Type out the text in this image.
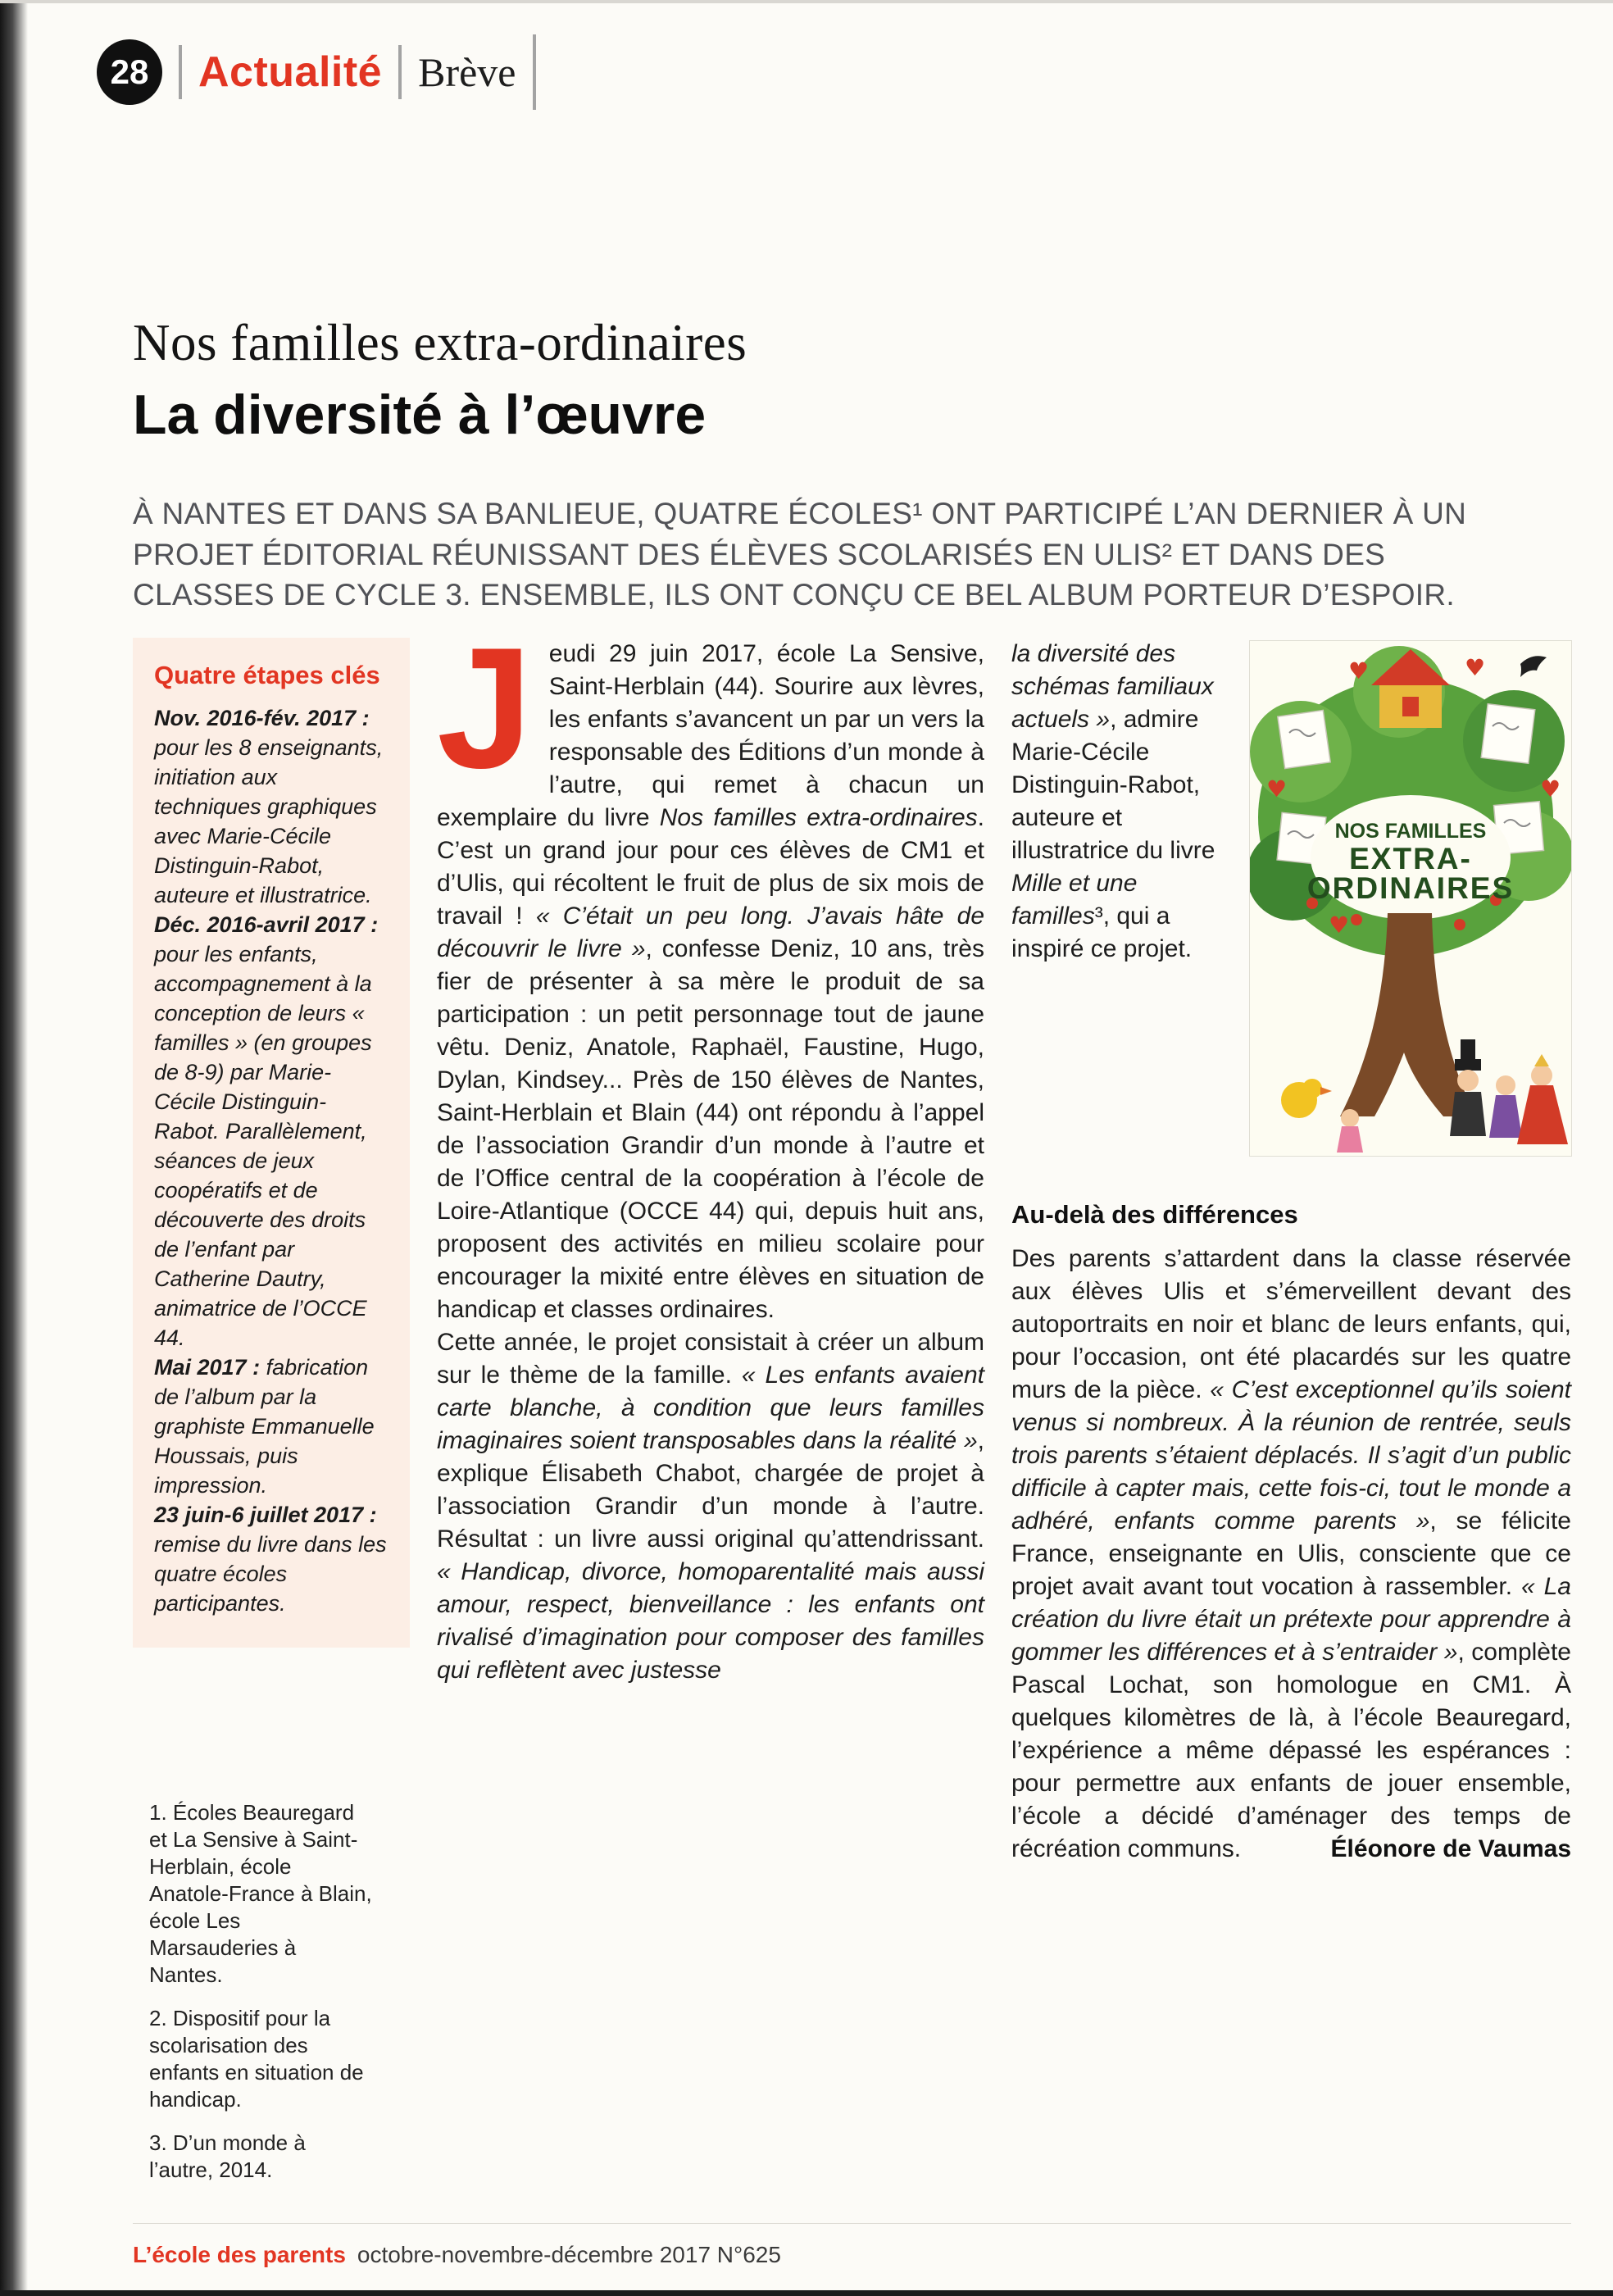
28 Actualité Brève
Nos familles extra-ordinaires
La diversité à l’œuvre

À NANTES ET DANS SA BANLIEUE, QUATRE ÉCOLES¹ ONT PARTICIPÉ L’AN DERNIER À UN PROJET ÉDITORIAL RÉUNISSANT DES ÉLÈVES SCOLARISÉS EN ULIS² ET DANS DES CLASSES DE CYCLE 3. ENSEMBLE, ILS ONT CONÇU CE BEL ALBUM PORTEUR D’ESPOIR.

Quatre étapes clés

Nov. 2016-fév. 2017 : pour les 8 enseignants, initiation aux techniques graphiques avec Marie-Cécile Distinguin-Rabot, auteure et illustratrice.

Déc. 2016-avril 2017 : pour les enfants, accompagnement à la conception de leurs « familles » (en groupes de 8-9) par Marie-Cécile Distinguin-Rabot. Parallèlement, séances de jeux coopératifs et de découverte des droits de l’enfant par Catherine Dautry, animatrice de l’OCCE 44.

Mai 2017 : fabrication de l’album par la graphiste Emmanuelle Houssais, puis impression.

23 juin-6 juillet 2017 : remise du livre dans les quatre écoles participantes.

1. Écoles Beauregard et La Sensive à Saint-Herblain, école Anatole-France à Blain, école Les Marsauderies à Nantes.

2. Dispositif pour la scolarisation des enfants en situation de handicap.

3. D’un monde à l’autre, 2014.

Jeudi 29 juin 2017, école La Sensive, Saint-Herblain (44). Sourire aux lèvres, les enfants s’avancent un par un vers la responsable des Éditions d’un monde à l’autre, qui remet à chacun un exemplaire du livre Nos familles extra-ordinaires. C’est un grand jour pour ces élèves de CM1 et d’Ulis, qui récoltent le fruit de plus de six mois de travail ! « C’était un peu long. J’avais hâte de découvrir le livre », confesse Deniz, 10 ans, très fier de présenter à sa mère le produit de sa participation : un petit personnage tout de jaune vêtu. Deniz, Anatole, Raphaël, Faustine, Hugo, Dylan, Kindsey... Près de 150 élèves de Nantes, Saint-Herblain et Blain (44) ont répondu à l’appel de l’association Grandir d’un monde à l’autre et de l’Office central de la coopération à l’école de Loire-Atlantique (OCCE 44) qui, depuis huit ans, proposent des activités en milieu scolaire pour encourager la mixité entre élèves en situation de handicap et classes ordinaires.

Cette année, le projet consistait à créer un album sur le thème de la famille. « Les enfants avaient carte blanche, à condition que leurs familles imaginaires soient transposables dans la réalité », explique Élisabeth Chabot, chargée de projet à l’association Grandir d’un monde à l’autre. Résultat : un livre aussi original qu’attendrissant. « Handicap, divorce, homoparentalité mais aussi amour, respect, bienveillance : les enfants ont rivalisé d’imagination pour composer des familles qui reflètent avec justesse

♥	♥
♥	♥
♥
NOS FAMILLES
EXTRA-
ORDINAIRES

la diversité des schémas familiaux actuels », admire Marie-Cécile Distinguin-Rabot, auteure et illustratrice du livre Mille et une familles³, qui a inspiré ce projet.

Au-delà des différences

Des parents s’attardent dans la classe réservée aux élèves Ulis et s’émerveillent devant des autoportraits en noir et blanc de leurs enfants, qui, pour l’occasion, ont été placardés sur les quatre murs de la pièce. « C’est exceptionnel qu’ils soient venus si nombreux. À la réunion de rentrée, seuls trois parents s’étaient déplacés. Il s’agit d’un public difficile à capter mais, cette fois-ci, tout le monde a adhéré, enfants comme parents », se félicite France, enseignante en Ulis, consciente que ce projet avait avant tout vocation à rassembler. « La création du livre était un prétexte pour apprendre à gommer les différences et à s’entraider », complète Pascal Lochat, son homologue en CM1. À quelques kilomètres de là, à l’école Beauregard, l’expérience a même dépassé les espérances : pour permettre aux enfants de jouer ensemble, l’école a décidé d’aménager des temps de récréation communs.	Éléonore de Vaumas

L’école des parents octobre-novembre-décembre 2017 N°625
